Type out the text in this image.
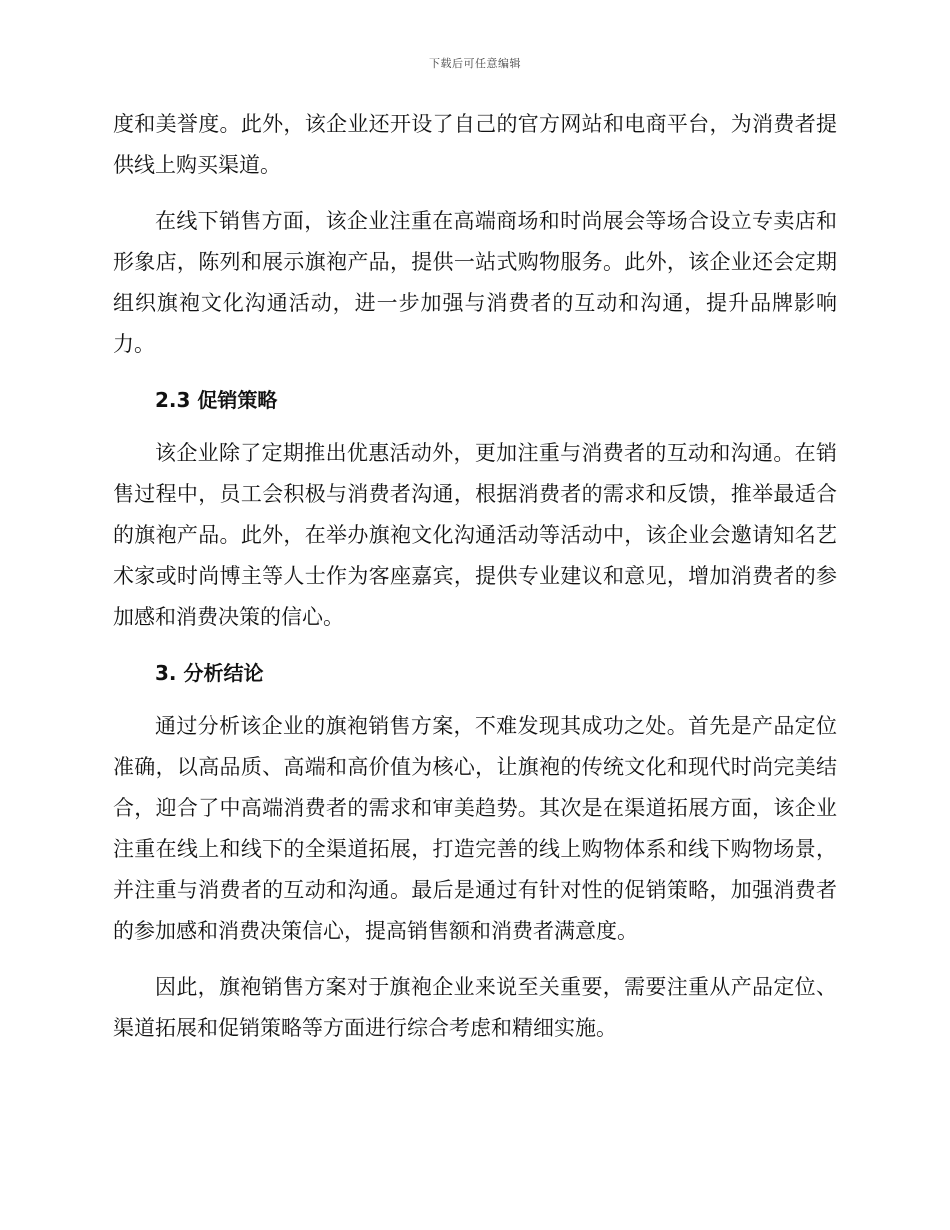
下载后可任意编辑

度和美誉度。此外，该企业还开设了自己的官方网站和电商平台，为消费者提供线上购买渠道。

在线下销售方面，该企业注重在高端商场和时尚展会等场合设立专卖店和形象店，陈列和展示旗袍产品，提供一站式购物服务。此外，该企业还会定期组织旗袍文化沟通活动，进一步加强与消费者的互动和沟通，提升品牌影响力。

2.3 促销策略

该企业除了定期推出优惠活动外，更加注重与消费者的互动和沟通。在销售过程中，员工会积极与消费者沟通，根据消费者的需求和反馈，推举最适合的旗袍产品。此外，在举办旗袍文化沟通活动等活动中，该企业会邀请知名艺术家或时尚博主等人士作为客座嘉宾，提供专业建议和意见，增加消费者的参加感和消费决策的信心。

3. 分析结论

通过分析该企业的旗袍销售方案，不难发现其成功之处。首先是产品定位准确，以高品质、高端和高价值为核心，让旗袍的传统文化和现代时尚完美结合，迎合了中高端消费者的需求和审美趋势。其次是在渠道拓展方面，该企业注重在线上和线下的全渠道拓展，打造完善的线上购物体系和线下购物场景，并注重与消费者的互动和沟通。最后是通过有针对性的促销策略，加强消费者的参加感和消费决策信心，提高销售额和消费者满意度。

因此，旗袍销售方案对于旗袍企业来说至关重要，需要注重从产品定位、渠道拓展和促销策略等方面进行综合考虑和精细实施。
